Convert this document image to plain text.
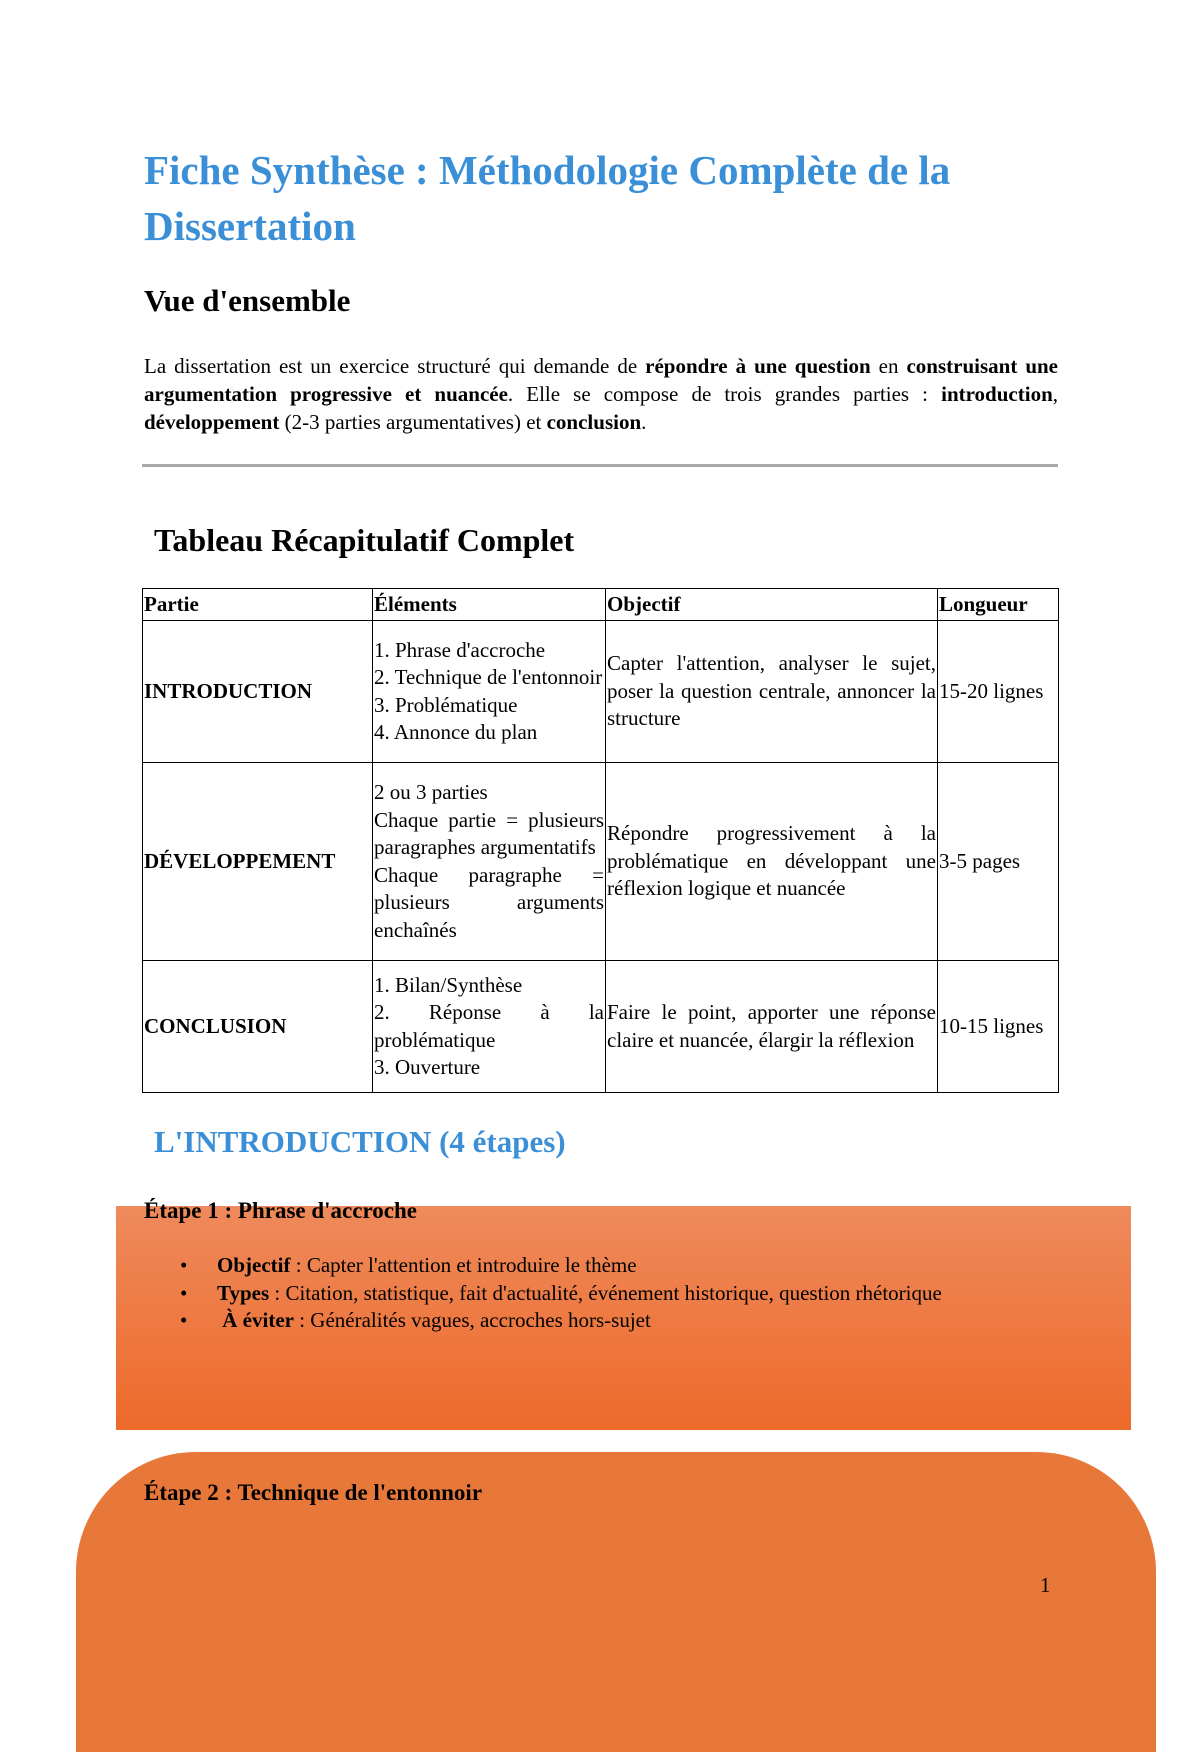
Fiche Synthèse : Méthodologie Complète de la Dissertation
Vue d'ensemble

La dissertation est un exercice structuré qui demande de répondre à une question en construisant une argumentation progressive et nuancée. Elle se compose de trois grandes parties : introduction, développement (2-3 parties argumentatives) et conclusion.

Tableau Récapitulatif Complet
Partie	Éléments	Objectif	Longueur
INTRODUCTION	1. Phrase d'accroche
2. Technique de l'entonnoir
3. Problématique
4. Annonce du plan	Capter l'attention, analyser le sujet, poser la question centrale, annoncer la structure	15-20 lignes
DÉVELOPPEMENT	2 ou 3 parties
Chaque partie = plusieurs paragraphes argumentatifs
Chaque paragraphe = plusieurs arguments enchaînés	Répondre progressivement à la problématique en développant une réflexion logique et nuancée	3-5 pages
CONCLUSION	1. Bilan/Synthèse
2. Réponse à la problématique
3. Ouverture	Faire le point, apporter une réponse claire et nuancée, élargir la réflexion	10-15 lignes
L'INTRODUCTION (4 étapes)
Étape 1 : Phrase d'accroche
• Objectif : Capter l'attention et introduire le thème
• Types : Citation, statistique, fait d'actualité, événement historique, question rhétorique
• À éviter : Généralités vagues, accroches hors-sujet
Étape 2 : Technique de l'entonnoir
1
